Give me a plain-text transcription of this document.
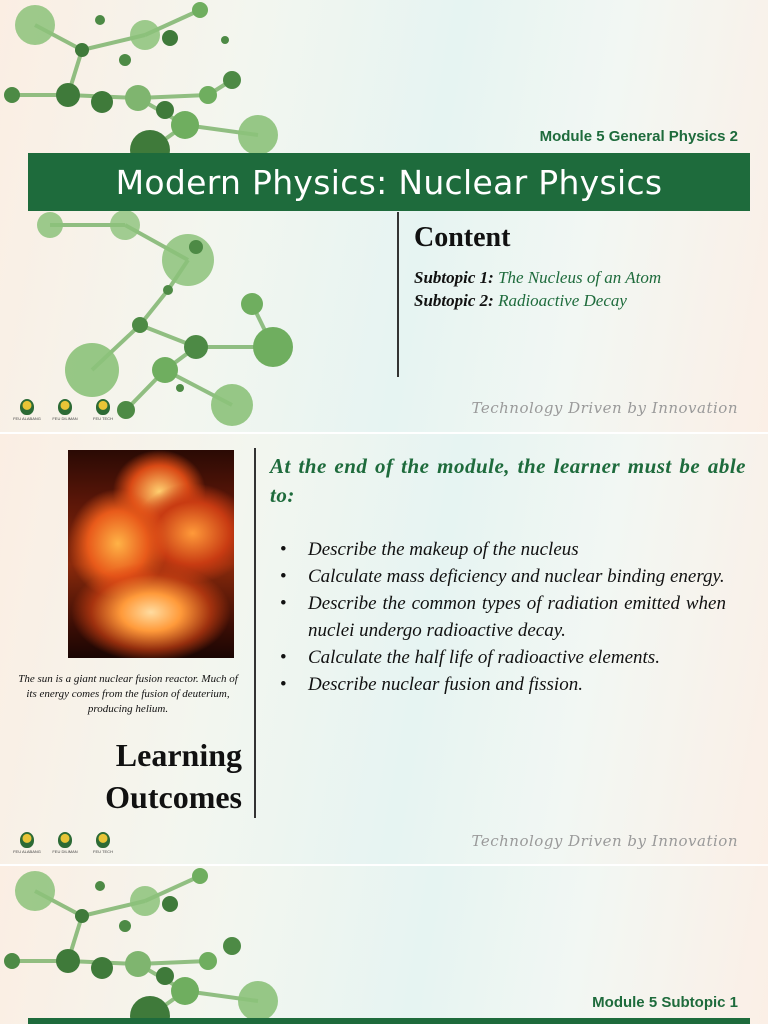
Module 5 General Physics 2
Modern Physics: Nuclear Physics
Content
Subtopic 1: The Nucleus of an Atom
Subtopic 2: Radioactive Decay
FEU ALABANG	FEU DILIMAN	FEU TECH
Technology Driven by Innovation
The sun is a giant nuclear fusion reactor. Much of its energy comes from the fusion of deuterium, producing helium.
Learning
Outcomes
At the end of the module, the learner must be able to:
• Describe the makeup of the nucleus
• Calculate mass deficiency and nuclear binding energy.
• Describe the common types of radiation emitted when nuclei undergo radioactive decay.
• Calculate the half life of radioactive elements.
• Describe nuclear fusion and fission.
FEU ALABANG	FEU DILIMAN	FEU TECH
Technology Driven by Innovation
Module 5 Subtopic 1
